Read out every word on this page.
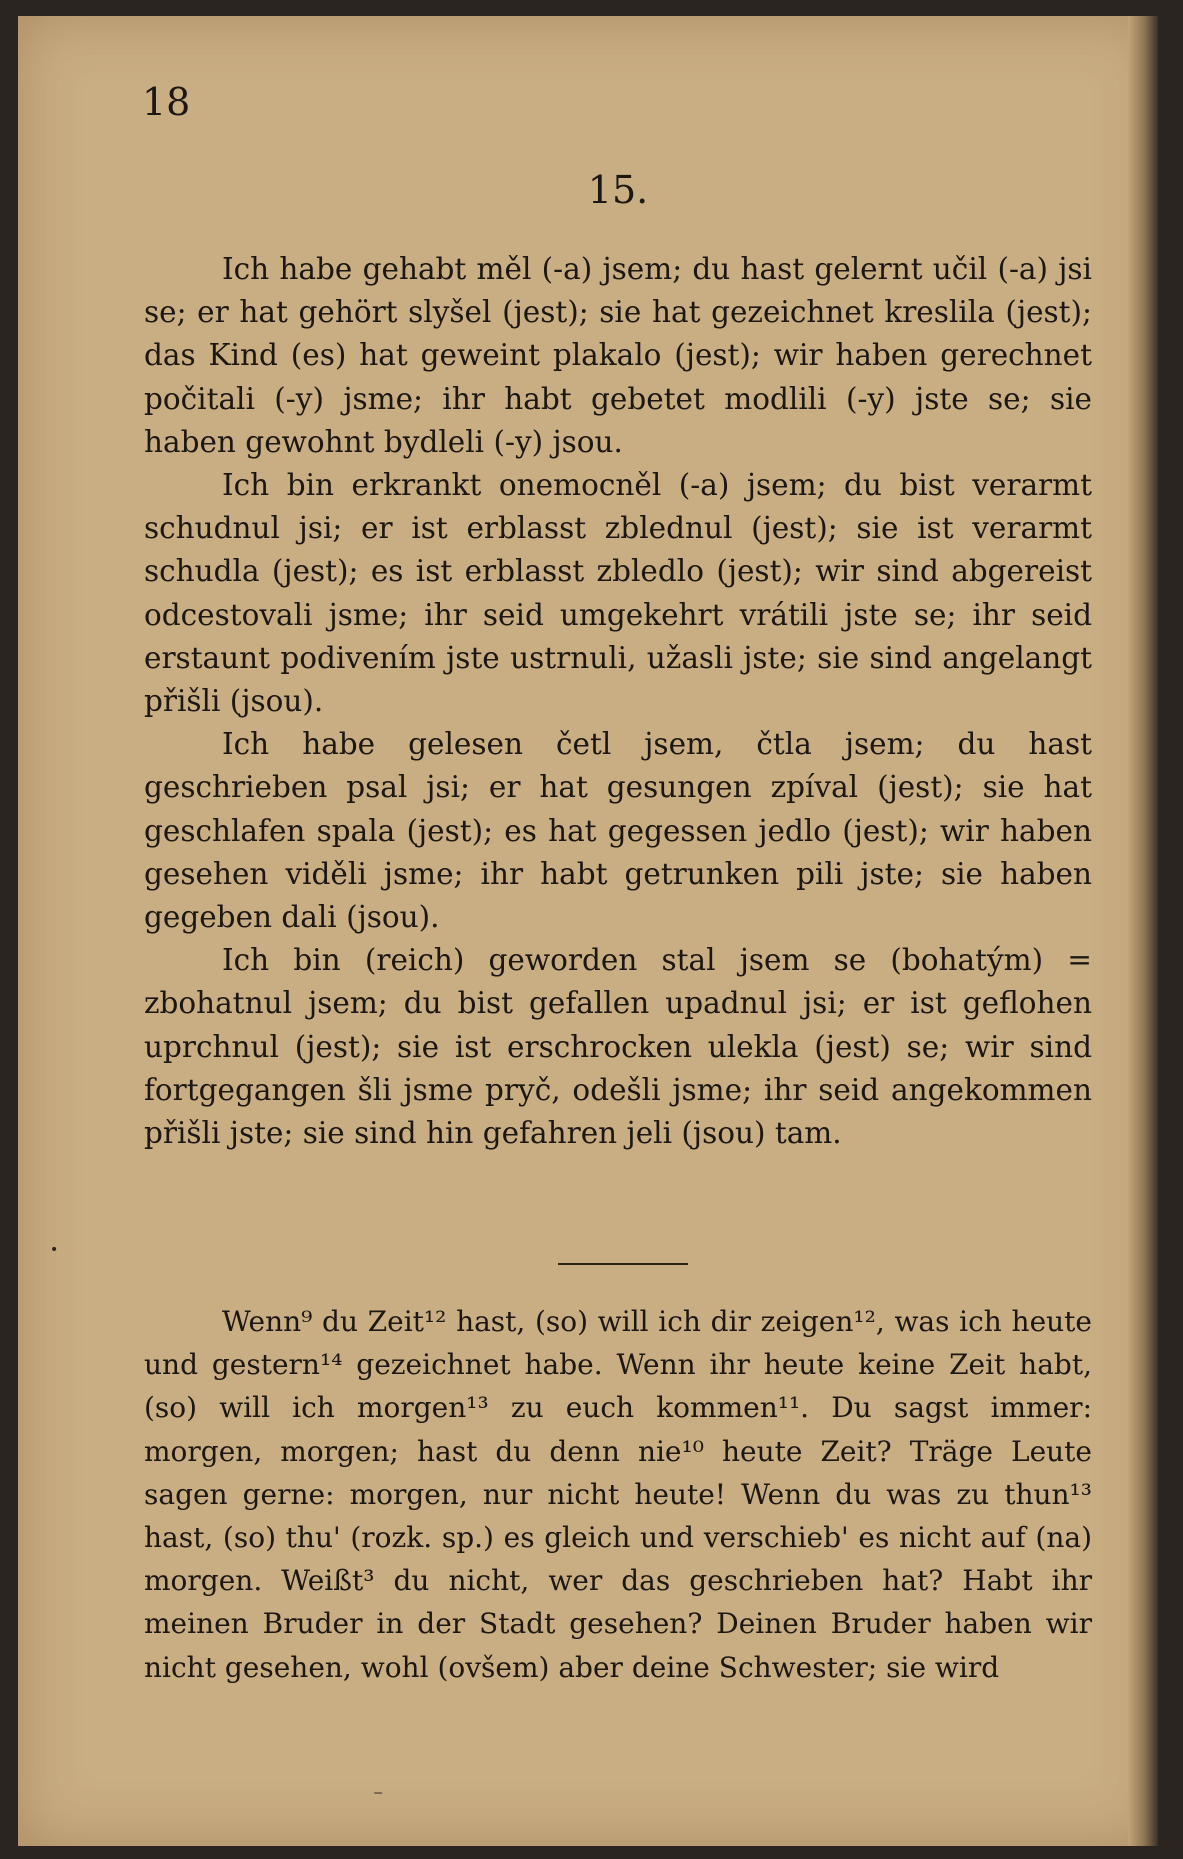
18
15.

Ich habe gehabt měl (-a) jsem; du hast gelernt učil (-a) jsi se; er hat gehört slyšel (jest); sie hat gezeichnet kreslila (jest); das Kind (es) hat geweint plakalo (jest); wir haben gerechnet počitali (-y) jsme; ihr habt gebetet modlili (-y) jste se; sie haben gewohnt bydleli (-y) jsou.

Ich bin erkrankt onemocněl (-a) jsem; du bist verarmt schudnul jsi; er ist erblasst zblednul (jest); sie ist verarmt schudla (jest); es ist erblasst zbledlo (jest); wir sind abgereist odcestovali jsme; ihr seid umgekehrt vrátili jste se; ihr seid erstaunt podivením jste ustrnuli, užasli jste; sie sind angelangt přišli (jsou).

Ich habe gelesen četl jsem, čtla jsem; du hast geschrieben psal jsi; er hat gesungen zpíval (jest); sie hat geschlafen spala (jest); es hat gegessen jedlo (jest); wir haben gesehen viděli jsme; ihr habt getrunken pili jste; sie haben gegeben dali (jsou).

Ich bin (reich) geworden stal jsem se (bohatým) = zbohatnul jsem; du bist gefallen upadnul jsi; er ist geflohen uprchnul (jest); sie ist erschrocken ulekla (jest) se; wir sind fortgegangen šli jsme pryč, odešli jsme; ihr seid angekommen přišli jste; sie sind hin gefahren jeli (jsou) tam.

Wenn⁹ du Zeit¹² hast, (so) will ich dir zeigen¹², was ich heute und gestern¹⁴ gezeichnet habe. Wenn ihr heute keine Zeit habt, (so) will ich morgen¹³ zu euch kommen¹¹. Du sagst immer: morgen, morgen; hast du denn nie¹⁰ heute Zeit? Träge Leute sagen gerne: morgen, nur nicht heute! Wenn du was zu thun¹³ hast, (so) thu' (rozk. sp.) es gleich und verschieb' es nicht auf (na) morgen. Weißt³ du nicht, wer das geschrieben hat? Habt ihr meinen Bruder in der Stadt gesehen? Deinen Bruder haben wir nicht gesehen, wohl (ovšem) aber deine Schwester; sie wird

•
⁻
